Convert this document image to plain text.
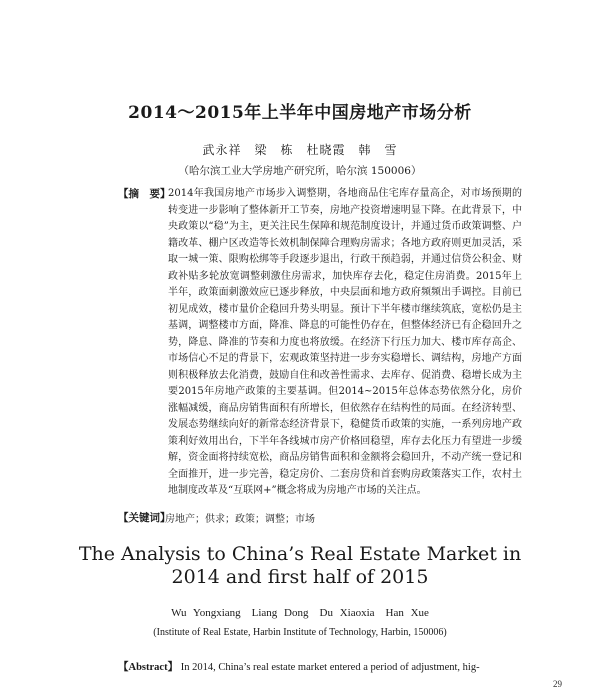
2014～2015年上半年中国房地产市场分析
武永祥　梁　栋　杜晓霞　韩　雪
（哈尔滨工业大学房地产研究所，哈尔滨 150006）
【摘　要】
2014年我国房地产市场步入调整期，各地商品住宅库存量高企，对市场预期的转变进一步影响了整体新开工节奏，房地产投资增速明显下降。在此背景下，中央政策以“稳”为主，更关注民生保障和规范制度设计，并通过货币政策调整、户籍改革、棚户区改造等长效机制保障合理购房需求；各地方政府则更加灵活，采取一城一策、限购松绑等手段逐步退出，行政干预趋弱，并通过信贷公积金、财政补贴多轮放宽调整刺激住房需求，加快库存去化，稳定住房消费。2015年上半年，政策面刺激效应已逐步释放，中央层面和地方政府频频出手调控。目前已初见成效，楼市量价企稳回升势头明显。预计下半年楼市继续筑底，宽松仍是主基调，调整楼市方面，降准、降息的可能性仍存在，但整体经济已有企稳回升之势，降息、降准的节奏和力度也将放缓。在经济下行压力加大、楼市库存高企、市场信心不足的背景下，宏观政策坚持进一步夯实稳增长、调结构，房地产方面则积极释放去化消费，鼓励自住和改善性需求、去库存、促消费、稳增长成为主要2015年房地产政策的主要基调。但2014~2015年总体态势依然分化，房价涨幅减缓，商品房销售面积有所增长，但依然存在结构性的局面。在经济转型、发展态势继续向好的新常态经济背景下，稳健货币政策的实施，一系列房地产政策利好效用出台，下半年各线城市房产价格回稳望，库存去化压力有望进一步缓解，资金面将持续宽松，商品房销售面积和金额将会稳回升，不动产统一登记和全面推开，进一步完善，稳定房价、二套房贷和首套购房政策落实工作，农村土地制度改革及“互联网+”概念将成为房地产市场的关注点。
【关键词】
房地产；供求；政策；调整；市场
The Analysis to China’s Real Estate Market in
2014 and first half of 2015
Wu Yongxiang　Liang Dong　Du Xiaoxia　Han Xue
(Institute of Real Estate, Harbin Institute of Technology, Harbin, 150006)
【Abstract】 In 2014, China’s real estate market entered a period of adjustment, hig-
29
